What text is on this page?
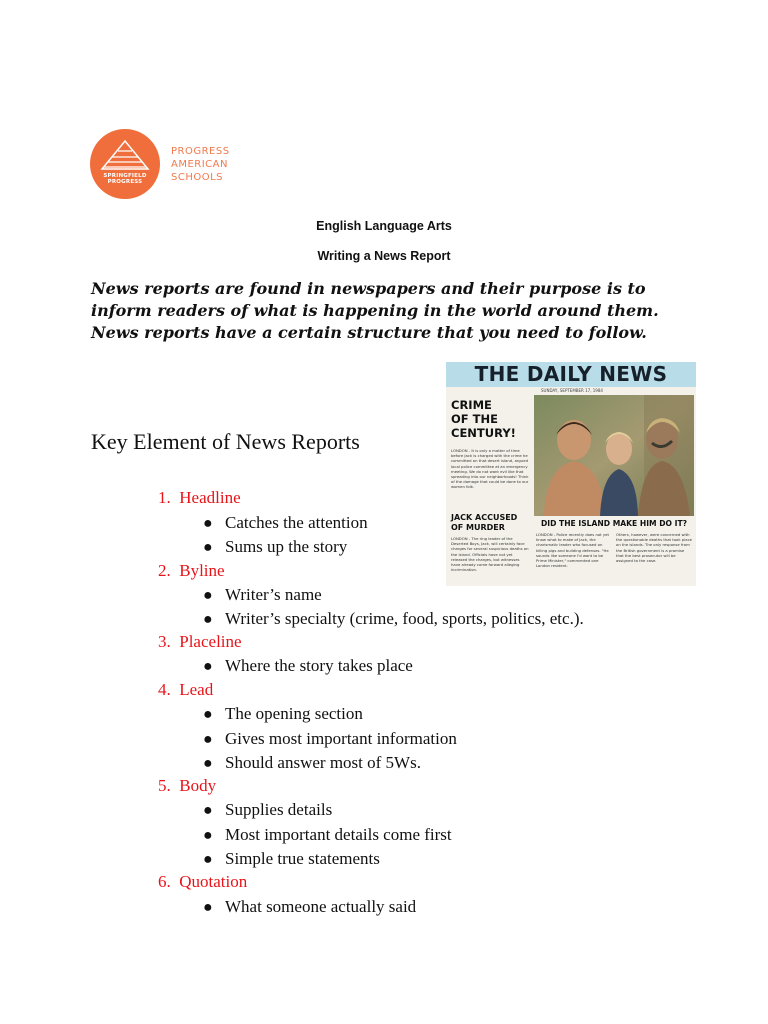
SPRINGFIELD
PROGRESS
PROGRESS
AMERICAN
SCHOOLS
English Language Arts
Writing a News Report

News reports are found in newspapers and their purpose is to

inform readers of what is happening in the world around them.

News reports have a certain structure that you need to follow.

Key Element of News Reports
1. Headline
● Catches the attention
● Sums up the story
2. Byline
● Writer’s name
● Writer’s specialty (crime, food, sports, politics, etc.).
3. Placeline
● Where the story takes place
4. Lead
● The opening section
● Gives most important information
● Should answer most of 5Ws.
5. Body
● Supplies details
● Most important details come first
● Simple true statements
6. Quotation
● What someone actually said
THE DAILY NEWS
SUNDAY, SEPTEMBER 17, 1984
CRIME
OF THE
CENTURY!
LONDON - It is only a matter of time before Jack is charged with the crime he committed on that desert island, argued local police committee at an emergency meeting. We do not want evil like that spreading into our neighborhoods! Think of the damage that could be done to our women folk.
JACK ACCUSED
OF MURDER
LONDON - The ring leader of the Deserted Boys, Jack, will certainly face charges for several suspicious deaths on the island. Officials have not yet released the charges, but witnesses have already come forward alleging incrimination.
DID THE ISLAND MAKE HIM DO IT?
LONDON - Police recently does not yet know what to make of Jack, the charismatic leader who focused on killing pigs and building defenses. "He sounds like someone I'd want to be Prime Minister," commented one London resident.
Others, however, were concerned with the questionable deaths that took place on the islands. The only response from the British government is a promise that the best prosecutor will be assigned to the case.
